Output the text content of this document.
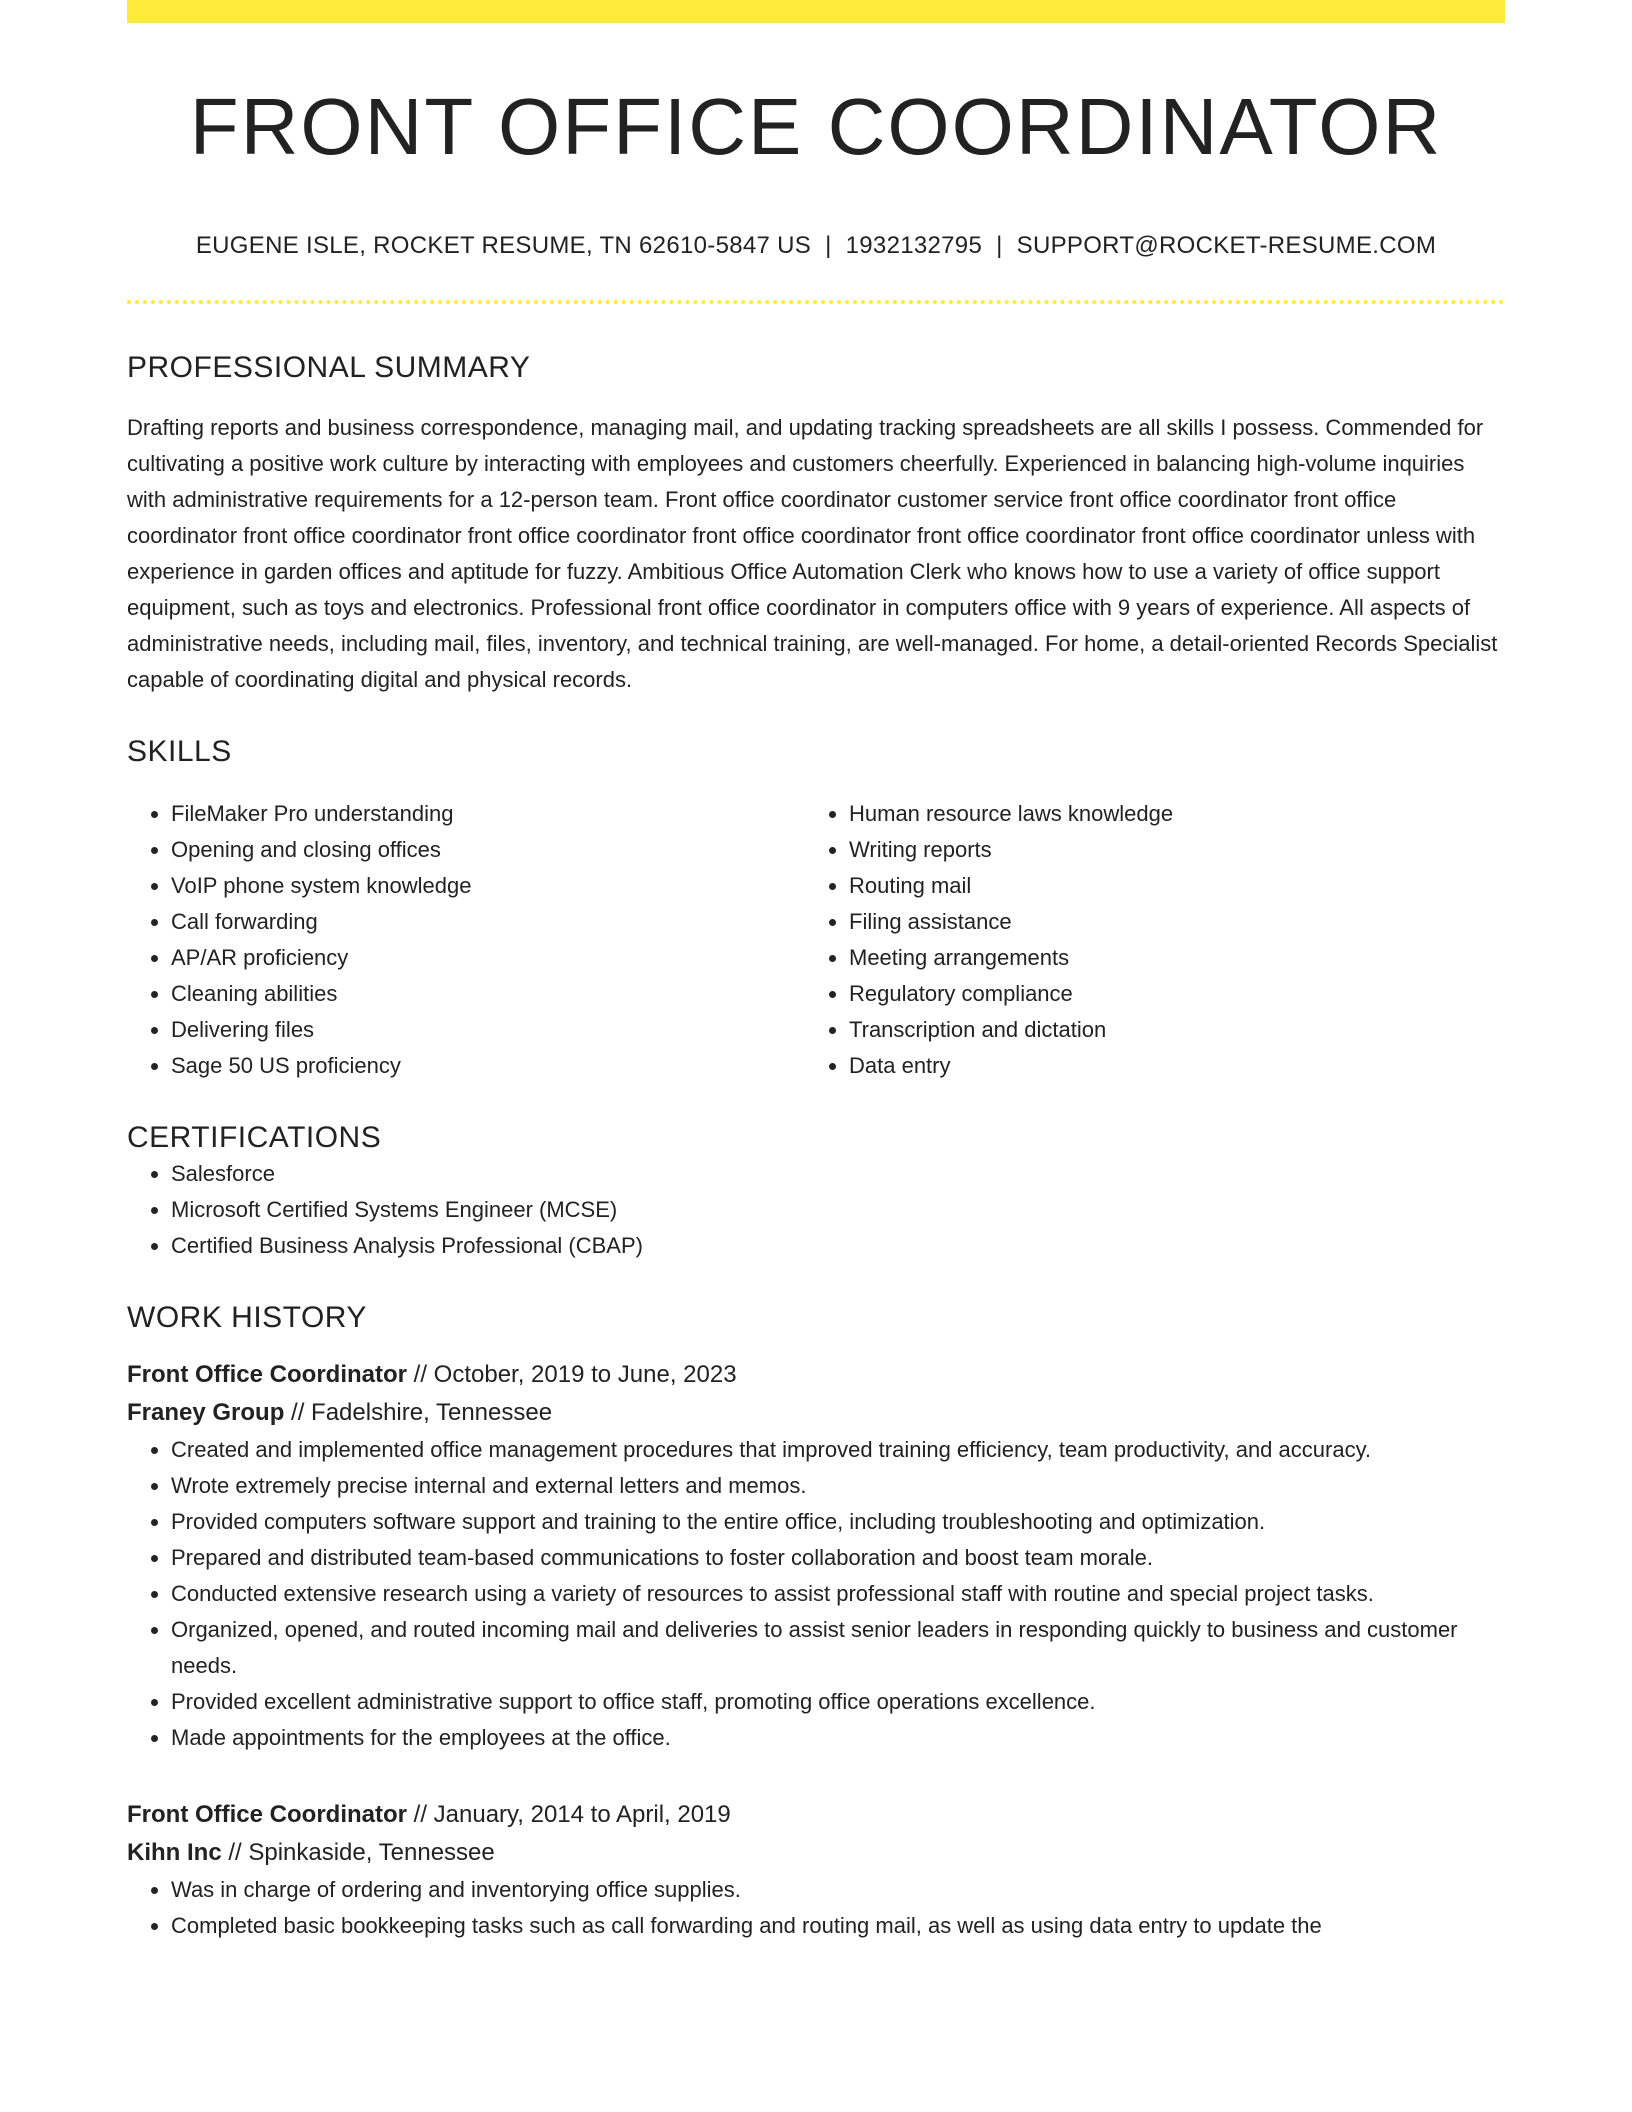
FRONT OFFICE COORDINATOR
EUGENE ISLE, ROCKET RESUME, TN 62610-5847 US | 1932132795 | SUPPORT@ROCKET-RESUME.COM
PROFESSIONAL SUMMARY
Drafting reports and business correspondence, managing mail, and updating tracking spreadsheets are all skills I possess. Commended for cultivating a positive work culture by interacting with employees and customers cheerfully. Experienced in balancing high-volume inquiries with administrative requirements for a 12-person team. Front office coordinator customer service front office coordinator front office coordinator front office coordinator front office coordinator front office coordinator front office coordinator front office coordinator unless with experience in garden offices and aptitude for fuzzy. Ambitious Office Automation Clerk who knows how to use a variety of office support equipment, such as toys and electronics. Professional front office coordinator in computers office with 9 years of experience. All aspects of administrative needs, including mail, files, inventory, and technical training, are well-managed. For home, a detail-oriented Records Specialist capable of coordinating digital and physical records.
SKILLS
• FileMaker Pro understanding
• Opening and closing offices
• VoIP phone system knowledge
• Call forwarding
• AP/AR proficiency
• Cleaning abilities
• Delivering files
• Sage 50 US proficiency
• Human resource laws knowledge
• Writing reports
• Routing mail
• Filing assistance
• Meeting arrangements
• Regulatory compliance
• Transcription and dictation
• Data entry
CERTIFICATIONS
• Salesforce
• Microsoft Certified Systems Engineer (MCSE)
• Certified Business Analysis Professional (CBAP)
WORK HISTORY
Front Office Coordinator // October, 2019 to June, 2023
Franey Group // Fadelshire, Tennessee
• Created and implemented office management procedures that improved training efficiency, team productivity, and accuracy.
• Wrote extremely precise internal and external letters and memos.
• Provided computers software support and training to the entire office, including troubleshooting and optimization.
• Prepared and distributed team-based communications to foster collaboration and boost team morale.
• Conducted extensive research using a variety of resources to assist professional staff with routine and special project tasks.
• Organized, opened, and routed incoming mail and deliveries to assist senior leaders in responding quickly to business and customer needs.
• Provided excellent administrative support to office staff, promoting office operations excellence.
• Made appointments for the employees at the office.
Front Office Coordinator // January, 2014 to April, 2019
Kihn Inc // Spinkaside, Tennessee
• Was in charge of ordering and inventorying office supplies.
• Completed basic bookkeeping tasks such as call forwarding and routing mail, as well as using data entry to update the
